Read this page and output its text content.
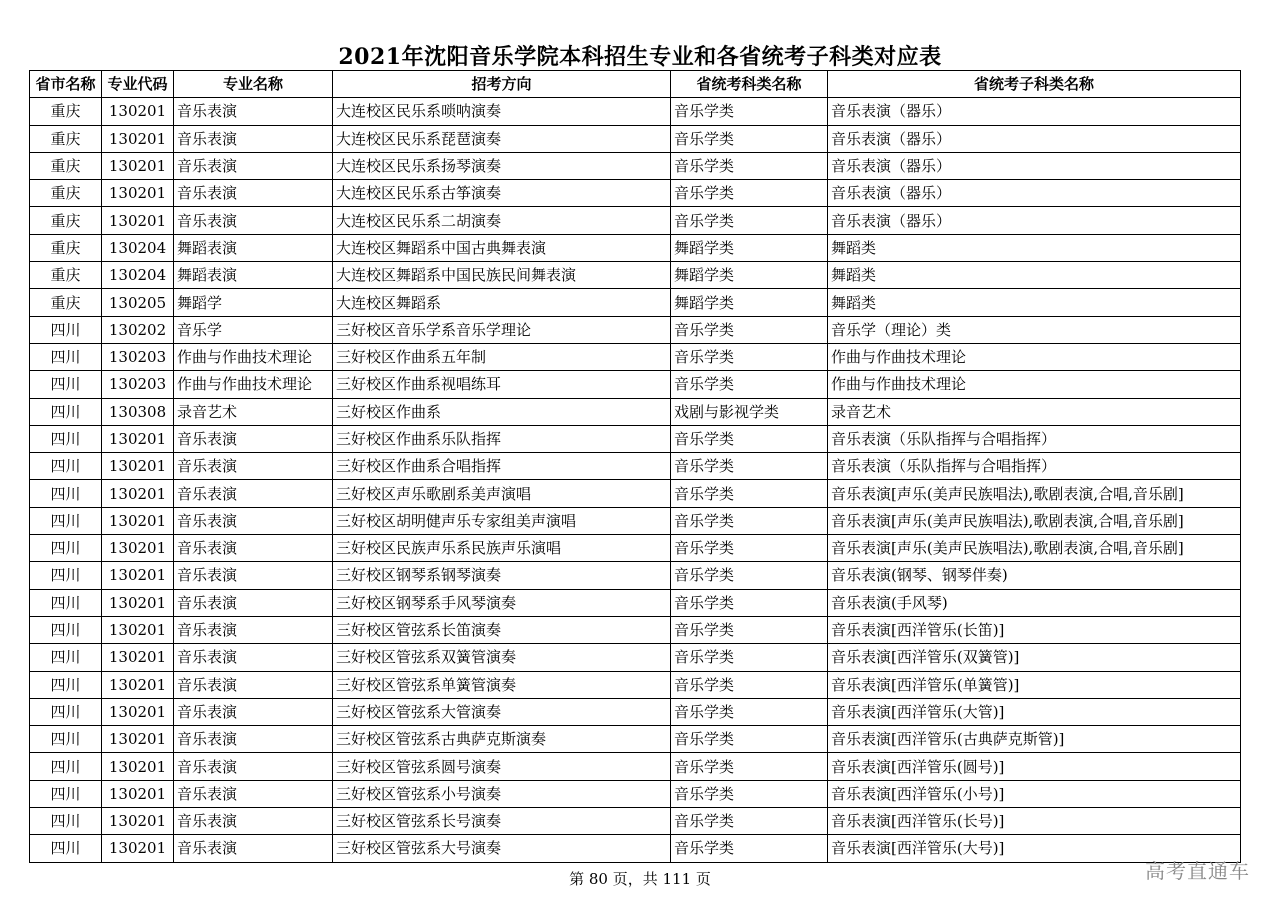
2021年沈阳音乐学院本科招生专业和各省统考子科类对应表
省市名称	专业代码	专业名称	招考方向	省统考科类名称	省统考子科类名称
重庆	130201	音乐表演	大连校区民乐系唢呐演奏	音乐学类	音乐表演（器乐）
重庆	130201	音乐表演	大连校区民乐系琵琶演奏	音乐学类	音乐表演（器乐）
重庆	130201	音乐表演	大连校区民乐系扬琴演奏	音乐学类	音乐表演（器乐）
重庆	130201	音乐表演	大连校区民乐系古筝演奏	音乐学类	音乐表演（器乐）
重庆	130201	音乐表演	大连校区民乐系二胡演奏	音乐学类	音乐表演（器乐）
重庆	130204	舞蹈表演	大连校区舞蹈系中国古典舞表演	舞蹈学类	舞蹈类
重庆	130204	舞蹈表演	大连校区舞蹈系中国民族民间舞表演	舞蹈学类	舞蹈类
重庆	130205	舞蹈学	大连校区舞蹈系	舞蹈学类	舞蹈类
四川	130202	音乐学	三好校区音乐学系音乐学理论	音乐学类	音乐学（理论）类
四川	130203	作曲与作曲技术理论	三好校区作曲系五年制	音乐学类	作曲与作曲技术理论
四川	130203	作曲与作曲技术理论	三好校区作曲系视唱练耳	音乐学类	作曲与作曲技术理论
四川	130308	录音艺术	三好校区作曲系	戏剧与影视学类	录音艺术
四川	130201	音乐表演	三好校区作曲系乐队指挥	音乐学类	音乐表演（乐队指挥与合唱指挥）
四川	130201	音乐表演	三好校区作曲系合唱指挥	音乐学类	音乐表演（乐队指挥与合唱指挥）
四川	130201	音乐表演	三好校区声乐歌剧系美声演唱	音乐学类	音乐表演[声乐(美声民族唱法),歌剧表演,合唱,音乐剧]
四川	130201	音乐表演	三好校区胡明健声乐专家组美声演唱	音乐学类	音乐表演[声乐(美声民族唱法),歌剧表演,合唱,音乐剧]
四川	130201	音乐表演	三好校区民族声乐系民族声乐演唱	音乐学类	音乐表演[声乐(美声民族唱法),歌剧表演,合唱,音乐剧]
四川	130201	音乐表演	三好校区钢琴系钢琴演奏	音乐学类	音乐表演(钢琴、钢琴伴奏)
四川	130201	音乐表演	三好校区钢琴系手风琴演奏	音乐学类	音乐表演(手风琴)
四川	130201	音乐表演	三好校区管弦系长笛演奏	音乐学类	音乐表演[西洋管乐(长笛)]
四川	130201	音乐表演	三好校区管弦系双簧管演奏	音乐学类	音乐表演[西洋管乐(双簧管)]
四川	130201	音乐表演	三好校区管弦系单簧管演奏	音乐学类	音乐表演[西洋管乐(单簧管)]
四川	130201	音乐表演	三好校区管弦系大管演奏	音乐学类	音乐表演[西洋管乐(大管)]
四川	130201	音乐表演	三好校区管弦系古典萨克斯演奏	音乐学类	音乐表演[西洋管乐(古典萨克斯管)]
四川	130201	音乐表演	三好校区管弦系圆号演奏	音乐学类	音乐表演[西洋管乐(圆号)]
四川	130201	音乐表演	三好校区管弦系小号演奏	音乐学类	音乐表演[西洋管乐(小号)]
四川	130201	音乐表演	三好校区管弦系长号演奏	音乐学类	音乐表演[西洋管乐(长号)]
四川	130201	音乐表演	三好校区管弦系大号演奏	音乐学类	音乐表演[西洋管乐(大号)]
第 80 页，共 111 页	高考直通车
